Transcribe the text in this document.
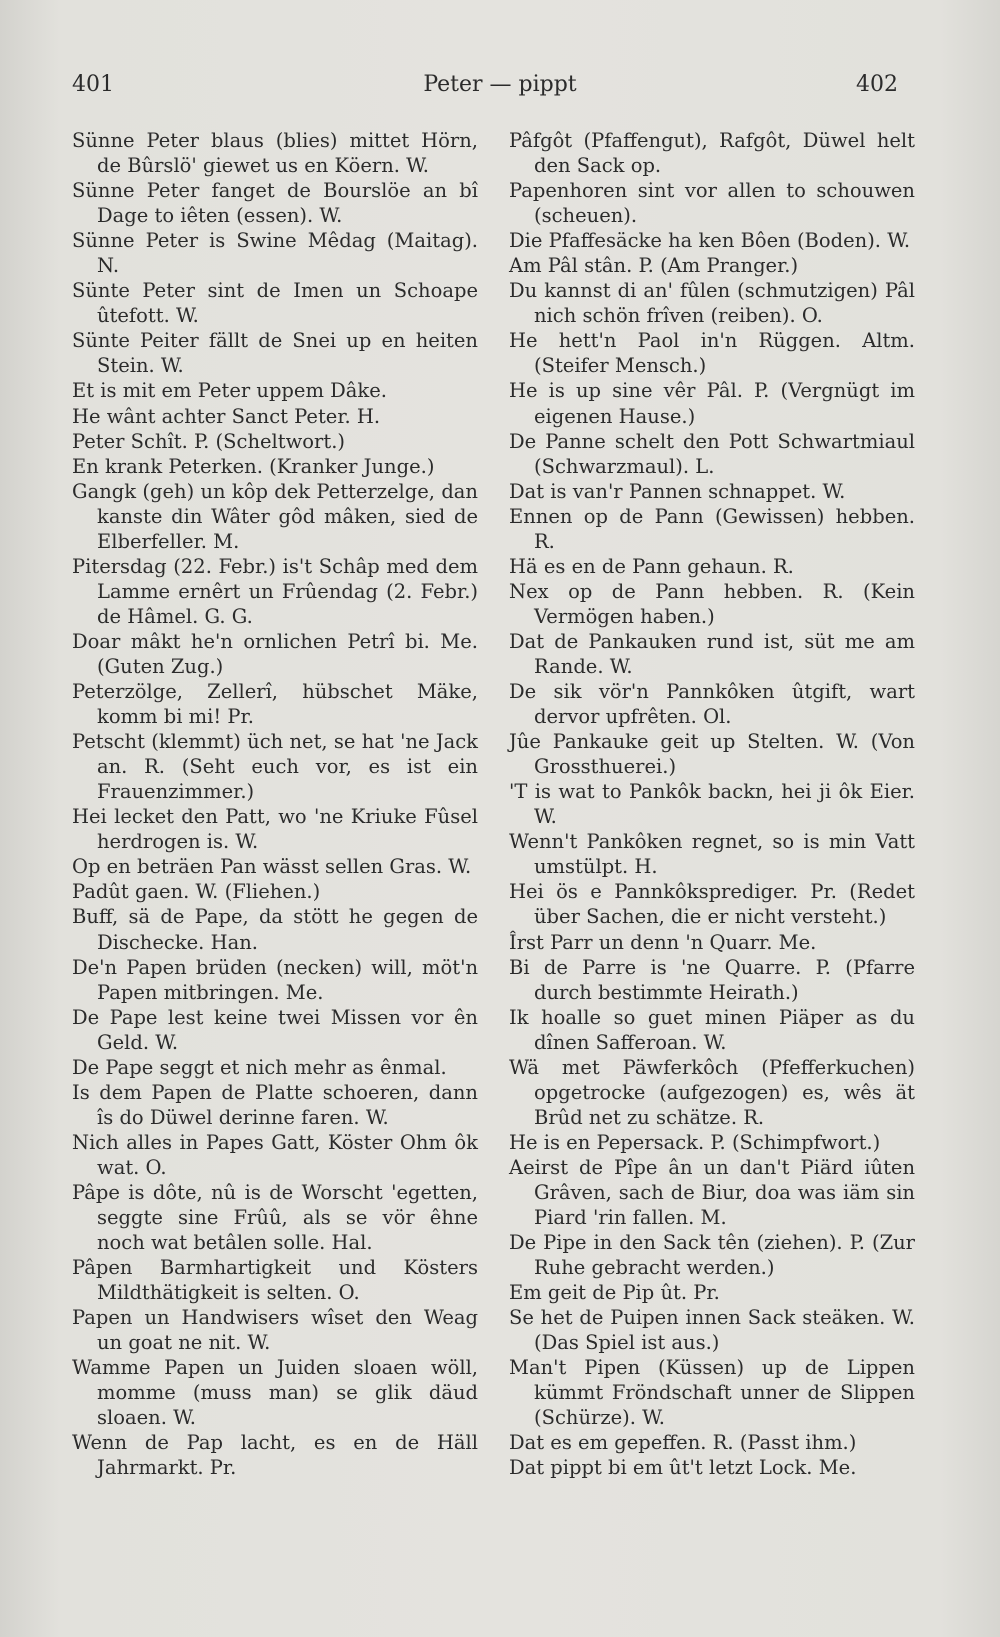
401	Peter — pippt	402

Sünne Peter blaus (blies) mittet Hörn, de Bûrslö' giewet us en Köern. W.

Sünne Peter fanget de Bourslöe an bî Dage to iêten (essen). W.

Sünne Peter is Swine Mêdag (Maitag). N.

Sünte Peter sint de Imen un Schoape ûtefott. W.

Sünte Peiter fällt de Snei up en heiten Stein. W.

Et is mit em Peter uppem Dâke.

He wânt achter Sanct Peter. H.

Peter Schît. P. (Scheltwort.)

En krank Peterken. (Kranker Junge.)

Gangk (geh) un kôp dek Petterzelge, dan kanste din Wâter gôd mâken, sied de Elberfeller. M.

Pitersdag (22. Febr.) is't Schâp med dem Lamme ernêrt un Frûendag (2. Febr.) de Hâmel. G. G.

Doar mâkt he'n ornlichen Petrî bi. Me. (Guten Zug.)

Peterzölge, Zellerî, hübschet Mäke, komm bi mi! Pr.

Petscht (klemmt) üch net, se hat 'ne Jack an. R. (Seht euch vor, es ist ein Frauenzimmer.)

Hei lecket den Patt, wo 'ne Kriuke Fûsel herdrogen is. W.

Op en beträen Pan wässt sellen Gras. W.

Padût gaen. W. (Fliehen.)

Buff, sä de Pape, da stött he gegen de Dischecke. Han.

De'n Papen brüden (necken) will, möt'n Papen mitbringen. Me.

De Pape lest keine twei Missen vor ên Geld. W.

De Pape seggt et nich mehr as ênmal.

Is dem Papen de Platte schoeren, dann îs do Düwel derinne faren. W.

Nich alles in Papes Gatt, Köster Ohm ôk wat. O.

Pâpe is dôte, nû is de Worscht 'egetten, seggte sine Frûû, als se vör êhne noch wat betâlen solle. Hal.

Pâpen Barmhartigkeit und Kösters Mildthätigkeit is selten. O.

Papen un Handwisers wîset den Weag un goat ne nit. W.

Wamme Papen un Juiden sloaen wöll, momme (muss man) se glik däud sloaen. W.

Wenn de Pap lacht, es en de Häll Jahrmarkt. Pr.

Pâfgôt (Pfaffengut), Rafgôt, Düwel helt den Sack op.

Papenhoren sint vor allen to schouwen (scheuen).

Die Pfaffesäcke ha ken Bôen (Boden). W.

Am Pâl stân. P. (Am Pranger.)

Du kannst di an' fûlen (schmutzigen) Pâl nich schön frîven (reiben). O.

He hett'n Paol in'n Rüggen. Altm. (Steifer Mensch.)

He is up sine vêr Pâl. P. (Vergnügt im eigenen Hause.)

De Panne schelt den Pott Schwartmiaul (Schwarzmaul). L.

Dat is van'r Pannen schnappet. W.

Ennen op de Pann (Gewissen) hebben. R.

Hä es en de Pann gehaun. R.

Nex op de Pann hebben. R. (Kein Vermögen haben.)

Dat de Pankauken rund ist, süt me am Rande. W.

De sik vör'n Pannkôken ûtgift, wart dervor upfrêten. Ol.

Jûe Pankauke geit up Stelten. W. (Von Grossthuerei.)

'T is wat to Pankôk backn, hei ji ôk Eier. W.

Wenn't Pankôken regnet, so is min Vatt umstülpt. H.

Hei ös e Pannkôksprediger. Pr. (Redet über Sachen, die er nicht versteht.)

Îrst Parr un denn 'n Quarr. Me.

Bi de Parre is 'ne Quarre. P. (Pfarre durch bestimmte Heirath.)

Ik hoalle so guet minen Piäper as du dînen Safferoan. W.

Wä met Päwferkôch (Pfefferkuchen) opgetrocke (aufgezogen) es, wês ät Brûd net zu schätze. R.

He is en Pepersack. P. (Schimpfwort.)

Aeirst de Pîpe ân un dan't Piärd iûten Grâven, sach de Biur, doa was iäm sin Piard 'rin fallen. M.

De Pipe in den Sack tên (ziehen). P. (Zur Ruhe gebracht werden.)

Em geit de Pip ût. Pr.

Se het de Puipen innen Sack steäken. W. (Das Spiel ist aus.)

Man't Pipen (Küssen) up de Lippen kümmt Fröndschaft unner de Slippen (Schürze). W.

Dat es em gepeffen. R. (Passt ihm.)

Dat pippt bi em ût't letzt Lock. Me.
